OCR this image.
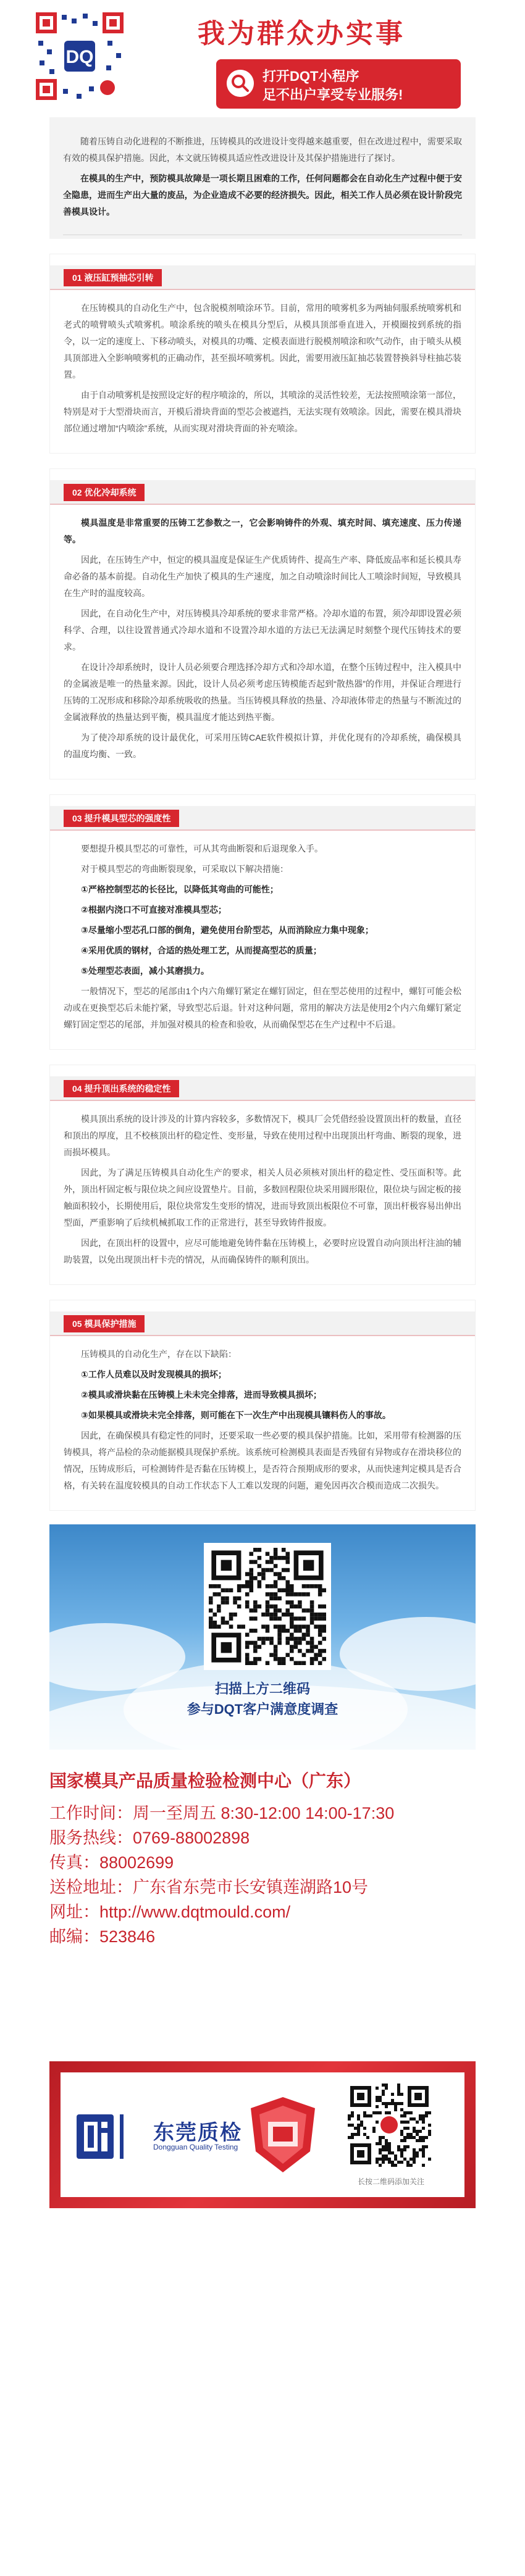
DQ
我为群众办实事
打开DQT小程序
足不出户享受专业服务!

随着压铸自动化进程的不断推进，压铸模具的改进设计变得越来越重要，但在改进过程中，需要采取有效的模具保护措施。因此，本文就压铸模具适应性改进设计及其保护措施进行了探讨。

在模具的生产中，预防模具故障是一项长期且困难的工作，任何问题都会在自动化生产过程中便于安全隐患，进而生产出大量的废品，为企业造成不必要的经济损失。因此，相关工作人员必须在设计阶段完善模具设计。

01 液压缸预抽芯引转

在压铸模具的自动化生产中，包含脱模剂喷涂环节。目前，常用的喷雾机多为两轴伺服系统喷雾机和老式的喷臂喷头式喷雾机。喷涂系统的喷头在模具分型后，从模具顶部垂直进入，开模圈按到系统的指令，以一定的速度上、下移动喷头，对模具的功嘴、定模表面进行脱模剂喷涂和吹气动作，由于喷头从模具顶部进入全影响喷雾机的正确动作，甚至损坏喷雾机。因此，需要用液压缸抽芯装置替换斜导柱抽芯装置。

由于自动喷雾机是按照设定好的程序喷涂的，所以，其喷涂的灵活性较差，无法按照喷涂第一部位，特别是对于大型滑块而言，开模后滑块背面的型芯会被遮挡，无法实现有效喷涂。因此，需要在模具滑块部位通过增加“内喷涂”系统，从而实现对滑块背面的补充喷涂。

02 优化冷却系统

模具温度是非常重要的压铸工艺参数之一，它会影响铸件的外观、填充时间、填充速度、压力传递等。

因此，在压铸生产中，恒定的模具温度是保证生产优质铸件、提高生产率、降低废品率和延长模具寿命必备的基本前提。自动化生产加快了模具的生产速度，加之自动喷涂时间比人工喷涂时间短，导致模具在生产时的温度较高。

因此，在自动化生产中，对压铸模具冷却系统的要求非常严格。冷却水道的布置，须冷却即设置必须科学、合理，以往设置普通式冷却水道和不设置冷却水道的方法已无法满足时刻整个现代压铸技术的要求。

在设计冷却系统时，设计人员必须要合理选择冷却方式和冷却水道，在整个压铸过程中，注入模具中的金属液是唯一的热量来源。因此，设计人员必须考虑压铸模能否起到“散热器”的作用，并保证合理进行压铸的工况形成和移除冷却系统吸收的热量。当压铸模具释放的热量、冷却液体带走的热量与不断流过的金属液释放的热量达到平衡，模具温度才能达到热平衡。

为了使冷却系统的设计最优化，可采用压铸CAE软件模拟计算，并优化现有的冷却系统，确保模具的温度均衡、一致。

03 提升模具型芯的强度性

要想提升模具型芯的可靠性，可从其弯曲断裂和后退现象入手。

对于模具型芯的弯曲断裂现象，可采取以下解决措施：

①严格控制型芯的长径比，以降低其弯曲的可能性；

②根据内浇口不可直接对准模具型芯；

③尽量缩小型芯孔口部的倒角，避免使用台阶型芯，从而消除应力集中现象；

④采用优质的钢材，合适的热处理工艺，从而提高型芯的质量；

⑤处理型芯表面，减小其磨损力。

一般情况下，型芯的尾部由1个内六角螺钉紧定在螺钉固定，但在型芯使用的过程中，螺钉可能会松动或在更换型芯后未能拧紧，导致型芯后退。针对这种问题，常用的解决方法是使用2个内六角螺钉紧定螺钉固定型芯的尾部，并加强对模具的检查和验收，从而确保型芯在生产过程中不后退。

04 提升顶出系统的稳定性

模具顶出系统的设计涉及的计算内容较多，多数情况下，模具厂会凭借经验设置顶出杆的数量，直径和顶出的厚度，且不校核顶出杆的稳定性、变形量，导致在使用过程中出现顶出杆弯曲、断裂的现象，进而损坏模具。

因此，为了满足压铸模具自动化生产的要求，相关人员必须核对顶出杆的稳定性、受压面积等。此外，顶出杆固定板与限位块之间应设置垫片。目前，多数回程限位块采用圆形限位，限位块与固定板的接触面积较小，长期使用后，限位块常发生变形的情况，进而导致顶出板限位不可靠，顶出杆极容易出伸出型面，严重影响了后续机械抓取工作的正常进行，甚至导致铸件报废。

因此，在顶出杆的设置中，应尽可能地避免铸件黏在压铸模上，必要时应设置自动向顶出杆注油的辅助装置，以免出现顶出杆卡壳的情况，从而确保铸件的顺利顶出。

05 模具保护措施

压铸模具的自动化生产，存在以下缺陷：

①工作人员难以及时发现模具的损坏；

②模具或滑块黏在压铸模上未未完全排落，进而导致模具损坏；

③如果模具或滑块未完全排落，则可能在下一次生产中出现模具镶料伤人的事故。

因此，在确保模具有稳定性的同时，还要采取一些必要的模具保护措施。比如，采用带有检测器的压铸模具，将产品检的杂动能据模具现保护系统。该系统可检测模具表面是否残留有异物或存在滑块移位的情况，压铸成形后，可检测铸件是否黏在压铸模上，是否符合预期成形的要求，从而快速判定模具是否合格，有关转在温度较模具的自动工作状态下人工难以发现的问题，避免因再次合模而造成二次损失。

扫描上方二维码
参与DQT客户满意度调查
国家模具产品质量检验检测中心（广东）
工作时间：周一至周五 8:30-12:00 14:00-17:30
服务热线：0769-88002898
传真：88002699
送检地址：广东省东莞市长安镇莲湖路10号
网址：http://www.dqtmould.com/
邮编：523846
东莞质检
Dongguan Quality Testing
长按二维码添加关注
